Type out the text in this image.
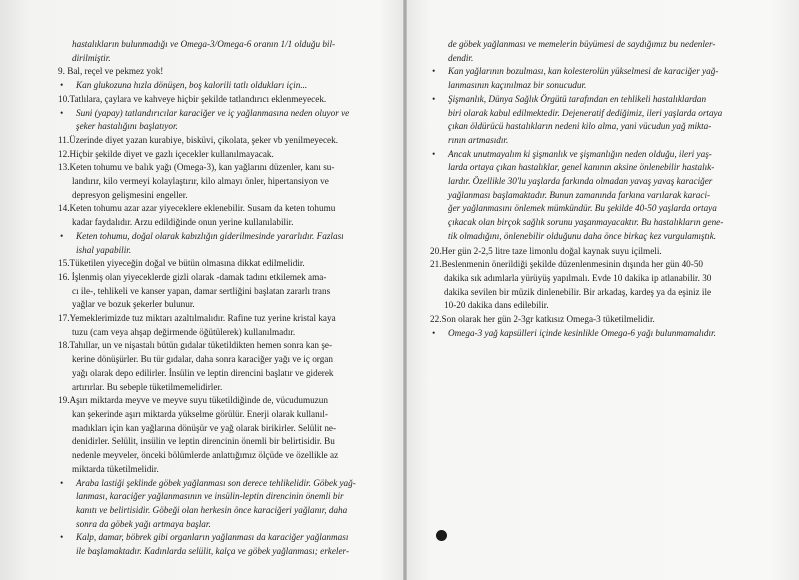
hastalıkların bulunmadığı ve Omega-3/Omega-6 oranın 1/1 olduğu bil-

dirilmiştir.

9. Bal, reçel ve pekmez yok!

• Kan glukozuna hızla dönüşen, boş kalorili tatlı oldukları için...

10.Tatlılara, çaylara ve kahveye hiçbir şekilde tatlandırıcı eklenmeyecek.

• Suni (yapay) tatlandırıcılar karaciğer ve iç yağlanmasına neden oluyor ve

şeker hastalığını başlatıyor.

11.Üzerinde diyet yazan kurabiye, bisküvi, çikolata, şeker vb yenilmeyecek.

12.Hiçbir şekilde diyet ve gazlı içecekler kullanılmayacak.

13.Keten tohumu ve balık yağı (Omega-3), kan yağlarını düzenler, kanı su-

landırır, kilo vermeyi kolaylaştırır, kilo almayı önler, hipertansiyon ve

depresyon gelişmesini engeller.

14.Keten tohumu azar azar yiyeceklere eklenebilir. Susam da keten tohumu

kadar faydalıdır. Arzu edildiğinde onun yerine kullanılabilir.

• Keten tohumu, doğal olarak kabızlığın giderilmesinde yararlıdır. Fazlası

ishal yapabilir.

15.Tüketilen yiyeceğin doğal ve bütün olmasına dikkat edilmelidir.

16. İşlenmiş olan yiyeceklerde gizli olarak -damak tadını etkilemek ama-

cı ile-, tehlikeli ve kanser yapan, damar sertliğini başlatan zararlı trans

yağlar ve bozuk şekerler bulunur.

17.Yemeklerimizde tuz miktarı azaltılmalıdır. Rafine tuz yerine kristal kaya

tuzu (cam veya ahşap değirmende öğütülerek) kullanılmadır.

18.Tahıllar, un ve nişastalı bütün gıdalar tüketildikten hemen sonra kan şe-

kerine dönüşürler. Bu tür gıdalar, daha sonra karaciğer yağı ve iç organ

yağı olarak depo edilirler. İnsülin ve leptin direncini başlatır ve giderek

artırırlar. Bu sebeple tüketilmemelidirler.

19.Aşırı miktarda meyve ve meyve suyu tüketildiğinde de, vücudumuzun

kan şekerinde aşırı miktarda yükselme görülür. Enerji olarak kullanıl-

madıkları için kan yağlarına dönüşür ve yağ olarak birikirler. Selülit ne-

denidirler. Selülit, insülin ve leptin direncinin önemli bir belirtisidir. Bu

nedenle meyveler, önceki bölümlerde anlattığımız ölçüde ve özellikle az

miktarda tüketilmelidir.

• Araba lastiği şeklinde göbek yağlanması son derece tehlikelidir. Göbek yağ-

lanması, karaciğer yağlanmasının ve insülin-leptin direncinin önemli bir

kanıtı ve belirtisidir. Göbeği olan herkesin önce karaciğeri yağlanır, daha

sonra da göbek yağı artmaya başlar.

• Kalp, damar, böbrek gibi organların yağlanması da karaciğer yağlanması

ile başlamaktadır. Kadınlarda selülit, kalça ve göbek yağlanması; erkeler-

de göbek yağlanması ve memelerin büyümesi de saydığımız bu nedenler-

dendir.

• Kan yağlarının bozulması, kan kolesterolün yükselmesi de karaciğer yağ-

lanmasının kaçınılmaz bir sonucudur.

• Şişmanlık, Dünya Sağlık Örgütü tarafından en tehlikeli hastalıklardan

biri olarak kabul edilmektedir. Dejeneratif dediğimiz, ileri yaşlarda ortaya

çıkan öldürücü hastalıkların nedeni kilo alma, yani vücudun yağ mikta-

rının artmasıdır.

• Ancak unutmayalım ki şişmanlık ve şişmanlığın neden olduğu, ileri yaş-

larda ortaya çıkan hastalıklar, genel kanının aksine önlenebilir hastalık-

lardır. Özellikle 30'lu yaşlarda farkında olmadan yavaş yavaş karaciğer

yağlanması başlamaktadır. Bunun zamanında farkına varılarak karaci-

ğer yağlanmasını önlemek mümkündür. Bu şekilde 40-50 yaşlarda ortaya

çıkacak olan birçok sağlık sorunu yaşanmayacaktır. Bu hastalıkların gene-

tik olmadığını, önlenebilir olduğunu daha önce birkaç kez vurgulamıştık.

20.Her gün 2-2,5 litre taze limonlu doğal kaynak suyu içilmeli.

21.Beslenmenin önerildiği şekilde düzenlenmesinin dışında her gün 40-50

dakika sık adımlarla yürüyüş yapılmalı. Evde 10 dakika ip atlanabilir. 30

dakika sevilen bir müzik dinlenebilir. Bir arkadaş, kardeş ya da eşiniz ile

10-20 dakika dans edilebilir.

22.Son olarak her gün 2-3gr katkısız Omega-3 tüketilmelidir.

• Omega-3 yağ kapsülleri içinde kesinlikle Omega-6 yağı bulunmamalıdır.
